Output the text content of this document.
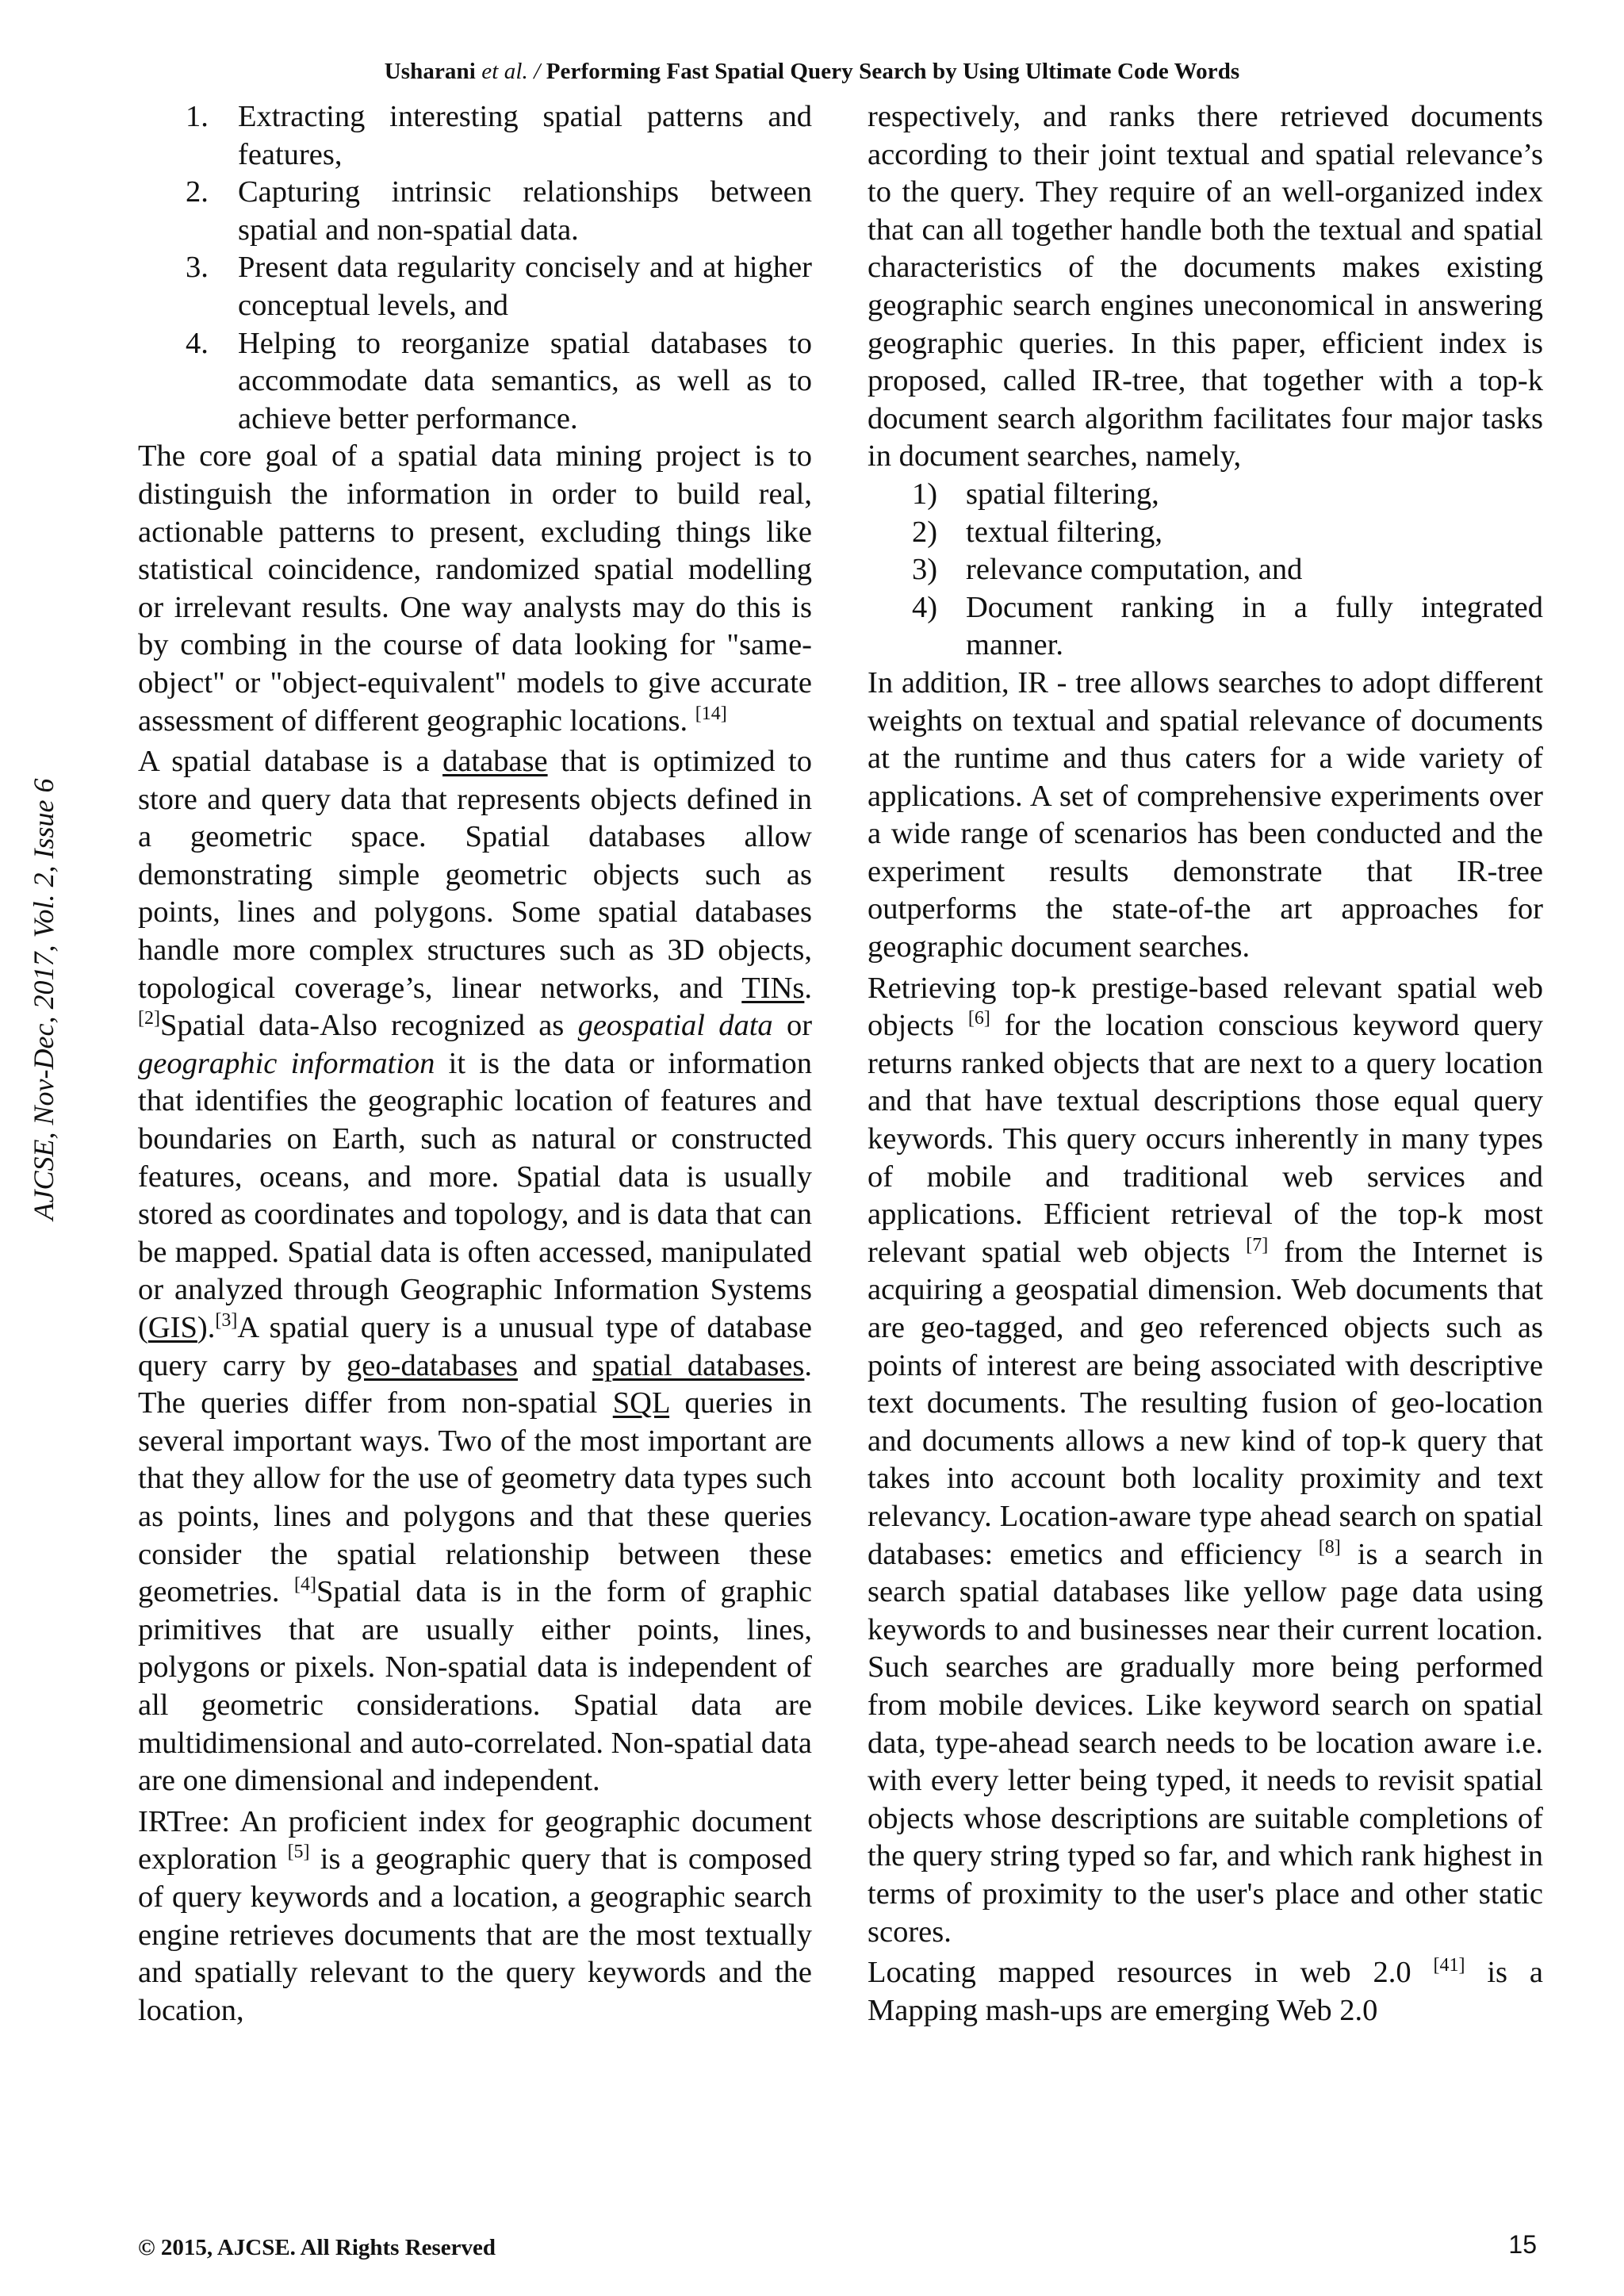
Usharani et al. / Performing Fast Spatial Query Search by Using Ultimate Code Words
AJCSE, Nov-Dec, 2017, Vol. 2, Issue 6
1. Extracting interesting spatial patterns and features,
2. Capturing intrinsic relationships between spatial and non-spatial data.
3. Present data regularity concisely and at higher conceptual levels, and
4. Helping to reorganize spatial databases to accommodate data semantics, as well as to achieve better performance.

The core goal of a spatial data mining project is to distinguish the information in order to build real, actionable patterns to present, excluding things like statistical coincidence, randomized spatial modelling or irrelevant results. One way analysts may do this is by combing in the course of data looking for "same-object" or "object-equivalent" models to give accurate assessment of different geographic locations. [14]

A spatial database is a database that is optimized to store and query data that represents objects defined in a geometric space. Spatial databases allow demonstrating simple geometric objects such as points, lines and polygons. Some spatial databases handle more complex structures such as 3D objects, topological coverage’s, linear networks, and TINs. [2]Spatial data-Also recognized as geospatial data or geographic information it is the data or information that identifies the geographic location of features and boundaries on Earth, such as natural or constructed features, oceans, and more. Spatial data is usually stored as coordinates and topology, and is data that can be mapped. Spatial data is often accessed, manipulated or analyzed through Geographic Information Systems (GIS).[3]A spatial query is a unusual type of database query carry by geo-databases and spatial databases. The queries differ from non-spatial SQL queries in several important ways. Two of the most important are that they allow for the use of geometry data types such as points, lines and polygons and that these queries consider the spatial relationship between these geometries. [4]Spatial data is in the form of graphic primitives that are usually either points, lines, polygons or pixels. Non-spatial data is independent of all geometric considerations. Spatial data are multidimensional and auto-correlated. Non-spatial data are one dimensional and independent.

IRTree: An proficient index for geographic document exploration [5] is a geographic query that is composed of query keywords and a location, a geographic search engine retrieves documents that are the most textually and spatially relevant to the query keywords and the location,

respectively, and ranks there retrieved documents according to their joint textual and spatial relevance’s to the query. They require of an well-organized index that can all together handle both the textual and spatial characteristics of the documents makes existing geographic search engines uneconomical in answering geographic queries. In this paper, efficient index is proposed, called IR-tree, that together with a top-k document search algorithm facilitates four major tasks in document searches, namely,

1) spatial filtering,
2) textual filtering,
3) relevance computation, and
4) Document ranking in a fully integrated manner.

In addition, IR - tree allows searches to adopt different weights on textual and spatial relevance of documents at the runtime and thus caters for a wide variety of applications. A set of comprehensive experiments over a wide range of scenarios has been conducted and the experiment results demonstrate that IR-tree outperforms the state-of-the art approaches for geographic document searches.

Retrieving top-k prestige-based relevant spatial web objects [6] for the location conscious keyword query returns ranked objects that are next to a query location and that have textual descriptions those equal query keywords. This query occurs inherently in many types of mobile and traditional web services and applications. Efficient retrieval of the top-k most relevant spatial web objects [7] from the Internet is acquiring a geospatial dimension. Web documents that are geo-tagged, and geo referenced objects such as points of interest are being associated with descriptive text documents. The resulting fusion of geo-location and documents allows a new kind of top-k query that takes into account both locality proximity and text relevancy. Location-aware type ahead search on spatial databases: emetics and efficiency [8] is a search in search spatial databases like yellow page data using keywords to and businesses near their current location. Such searches are gradually more being performed from mobile devices. Like keyword search on spatial data, type-ahead search needs to be location aware i.e. with every letter being typed, it needs to revisit spatial objects whose descriptions are suitable completions of the query string typed so far, and which rank highest in terms of proximity to the user's place and other static scores.

Locating mapped resources in web 2.0 [41] is a Mapping mash-ups are emerging Web 2.0

© 2015, AJCSE. All Rights Reserved	15
